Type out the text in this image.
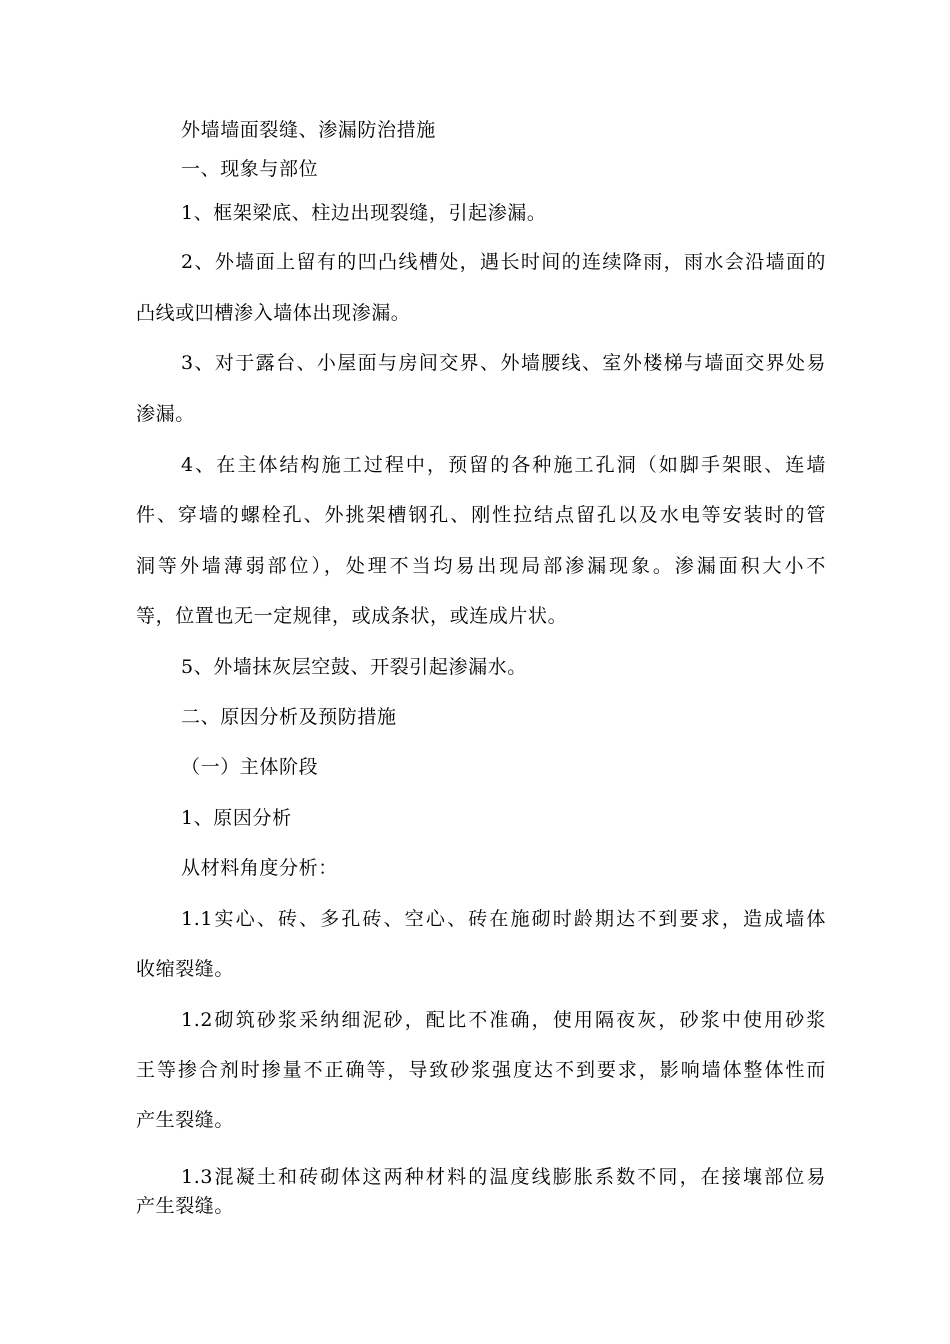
外墙墙面裂缝、渗漏防治措施
一、现象与部位
1、框架梁底、柱边出现裂缝，引起渗漏。
2、外墙面上留有的凹凸线槽处，遇长时间的连续降雨，雨水会沿墙面的
凸线或凹槽渗入墙体出现渗漏。
3、对于露台、小屋面与房间交界、外墙腰线、室外楼梯与墙面交界处易
渗漏。
4、在主体结构施工过程中，预留的各种施工孔洞（如脚手架眼、连墙
件、穿墙的螺栓孔、外挑架槽钢孔、刚性拉结点留孔以及水电等安装时的管
洞等外墙薄弱部位），处理不当均易出现局部渗漏现象。渗漏面积大小不
等，位置也无一定规律，或成条状，或连成片状。
5、外墙抹灰层空鼓、开裂引起渗漏水。
二、原因分析及预防措施
（一）主体阶段
1、原因分析
从材料角度分析：
1.1实心、砖、多孔砖、空心、砖在施砌时龄期达不到要求，造成墙体
收缩裂缝。
1.2砌筑砂浆采纳细泥砂，配比不准确，使用隔夜灰，砂浆中使用砂浆
王等掺合剂时掺量不正确等，导致砂浆强度达不到要求，影响墙体整体性而
产生裂缝。
1.3混凝土和砖砌体这两种材料的温度线膨胀系数不同，在接壤部位易
产生裂缝。
